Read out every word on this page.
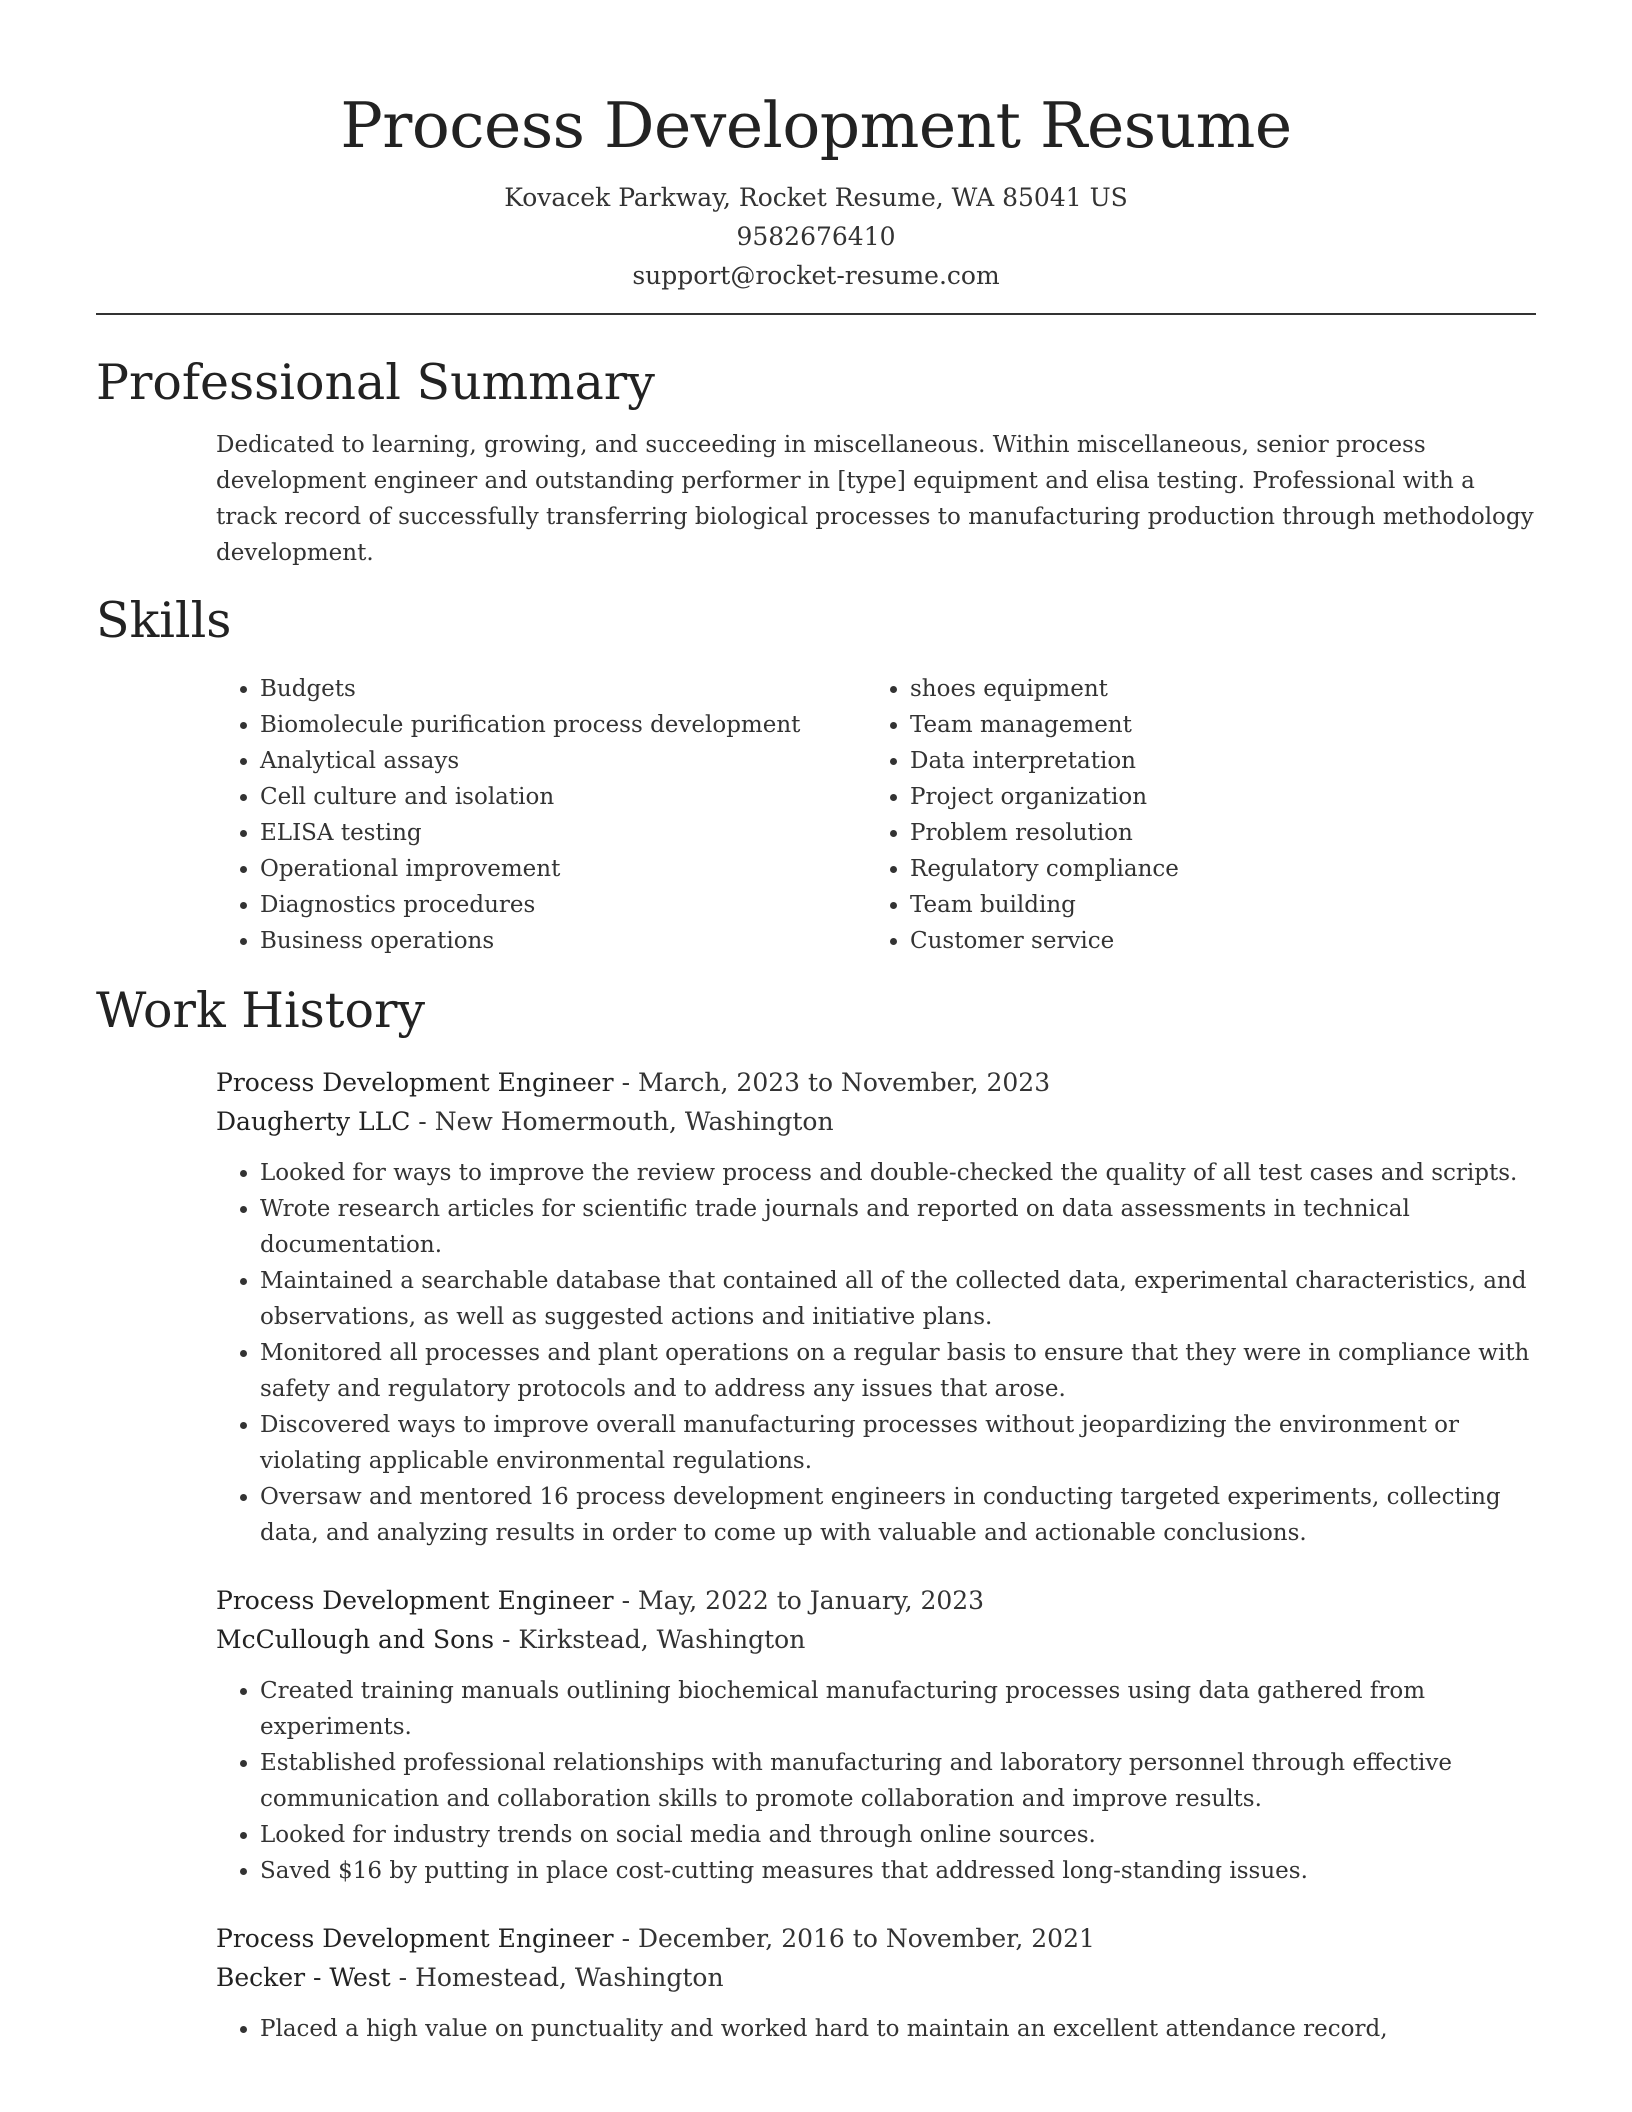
Process Development Resume
Kovacek Parkway, Rocket Resume, WA 85041 US
9582676410
support@rocket-resume.com
Professional Summary
Dedicated to learning, growing, and succeeding in miscellaneous. Within miscellaneous, senior process development engineer and outstanding performer in [type] equipment and elisa testing. Professional with a track record of successfully transferring biological processes to manufacturing production through methodology development.
Skills
• Budgets
• Biomolecule purification process development
• Analytical assays
• Cell culture and isolation
• ELISA testing
• Operational improvement
• Diagnostics procedures
• Business operations
• shoes equipment
• Team management
• Data interpretation
• Project organization
• Problem resolution
• Regulatory compliance
• Team building
• Customer service
Work History
Process Development Engineer - March, 2023 to November, 2023
Daugherty LLC - New Homermouth, Washington
• Looked for ways to improve the review process and double-checked the quality of all test cases and scripts.
• Wrote research articles for scientific trade journals and reported on data assessments in technical documentation.
• Maintained a searchable database that contained all of the collected data, experimental characteristics, and observations, as well as suggested actions and initiative plans.
• Monitored all processes and plant operations on a regular basis to ensure that they were in compliance with safety and regulatory protocols and to address any issues that arose.
• Discovered ways to improve overall manufacturing processes without jeopardizing the environment or violating applicable environmental regulations.
• Oversaw and mentored 16 process development engineers in conducting targeted experiments, collecting data, and analyzing results in order to come up with valuable and actionable conclusions.
Process Development Engineer - May, 2022 to January, 2023
McCullough and Sons - Kirkstead, Washington
• Created training manuals outlining biochemical manufacturing processes using data gathered from experiments.
• Established professional relationships with manufacturing and laboratory personnel through effective communication and collaboration skills to promote collaboration and improve results.
• Looked for industry trends on social media and through online sources.
• Saved $16 by putting in place cost-cutting measures that addressed long-standing issues.
Process Development Engineer - December, 2016 to November, 2021
Becker - West - Homestead, Washington
• Placed a high value on punctuality and worked hard to maintain an excellent attendance record,
